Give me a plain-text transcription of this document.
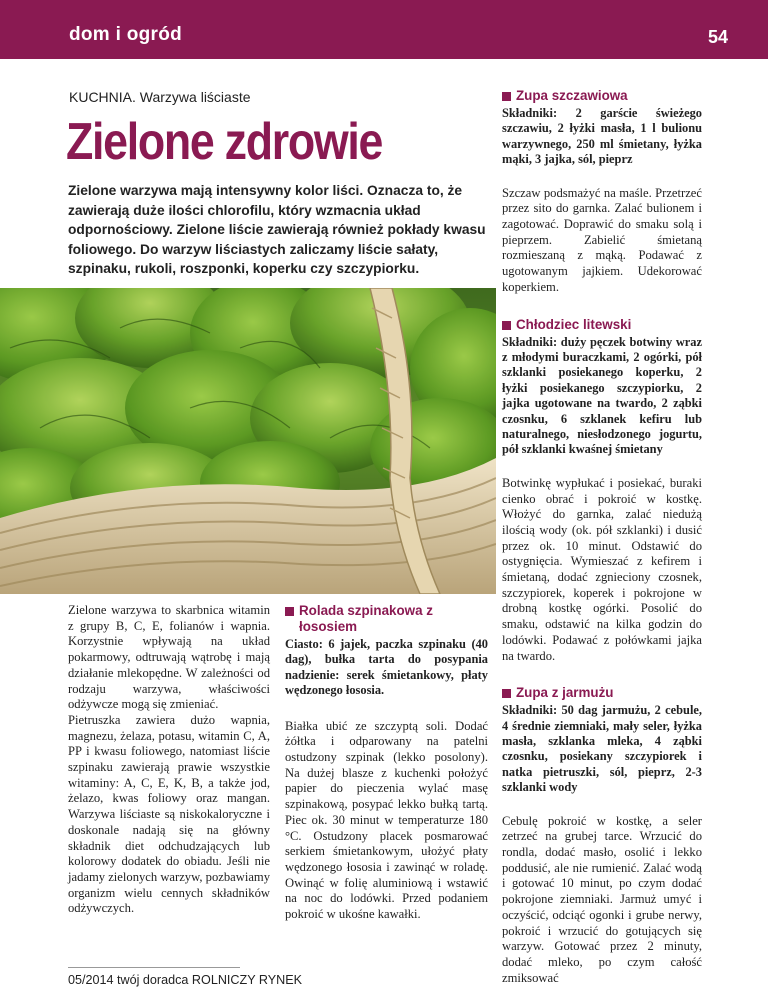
dom i ogród	54
KUCHNIA. Warzywa liściaste
Zielone zdrowie
Zielone warzywa mają intensywny kolor liści. Oznacza to, że zawierają duże ilości chlorofilu, który wzmacnia układ odpornościowy. Zielone liście zawierają również pokłady kwasu foliowego. Do warzyw liściastych zaliczamy liście sałaty, szpinaku, rukoli, roszponki, koperku czy szczypiorku.

Zielone warzywa to skarbnica witamin z grupy B, C, E, folianów i wapnia. Korzystnie wpływają na układ pokarmowy, odtruwają wątrobę i mają działanie mlekopędne. W zależności od rodzaju warzywa, właściwości odżywcze mogą się zmieniać.

Pietruszka zawiera dużo wapnia, magnezu, żelaza, potasu, witamin C, A, PP i kwasu foliowego, natomiast liście szpinaku zawierają prawie wszystkie witaminy: A, C, E, K, B, a także jod, żelazo, kwas foliowy oraz mangan. Warzywa liściaste są niskokaloryczne i doskonale nadają się na główny składnik diet odchudzających lub kolorowy dodatek do obiadu. Jeśli nie jadamy zielonych warzyw, pozbawiamy organizm wielu cennych składników odżywczych.

Rolada szpinakowa z łososiem

Ciasto: 6 jajek, paczka szpinaku (40 dag), bułka tarta do posypania nadzienie: serek śmietankowy, płaty wędzonego łososia.

Białka ubić ze szczyptą soli. Dodać żółtka i odparowany na patelni ostudzony szpinak (lekko posolony). Na dużej blasze z kuchenki położyć papier do pieczenia wylać masę szpinakową, posypać lekko bułką tartą. Piec ok. 30 minut w temperaturze 180 °C. Ostudzony placek posmarować serkiem śmietankowym, ułożyć płaty wędzonego łososia i zawinąć w roladę. Owinąć w folię aluminiową i wstawić na noc do lodówki. Przed podaniem pokroić w ukośne kawałki.

Zupa szczawiowa

Składniki: 2 garście świeżego szczawiu, 2 łyżki masła, 1 l bulionu warzywnego, 250 ml śmietany, łyżka mąki, 3 jajka, sól, pieprz

Szczaw podsmażyć na maśle. Przetrzeć przez sito do garnka. Zalać bulionem i zagotować. Doprawić do smaku solą i pieprzem. Zabielić śmietaną rozmieszaną z mąką. Podawać z ugotowanym jajkiem. Udekorować koperkiem.

Chłodziec litewski

Składniki: duży pęczek botwiny wraz z młodymi buraczkami, 2 ogórki, pół szklanki posiekanego koperku, 2 łyżki posiekanego szczypiorku, 2 jajka ugotowane na twardo, 2 ząbki czosnku, 6 szklanek kefiru lub naturalnego, niesłodzonego jogurtu, pół szklanki kwaśnej śmietany

Botwinkę wypłukać i posiekać, buraki cienko obrać i pokroić w kostkę. Włożyć do garnka, zalać niedużą ilością wody (ok. pół szklanki) i dusić przez ok. 10 minut. Odstawić do ostygnięcia. Wymieszać z kefirem i śmietaną, dodać zgnieciony czosnek, szczypiorek, koperek i pokrojone w drobną kostkę ogórki. Posolić do smaku, odstawić na kilka godzin do lodówki. Podawać z połówkami jajka na twardo.

Zupa z jarmużu

Składniki: 50 dag jarmużu, 2 cebule, 4 średnie ziemniaki, mały seler, łyżka masła, szklanka mleka, 4 ząbki czosnku, posiekany szczypiorek i natka pietruszki, sól, pieprz, 2-3 szklanki wody

Cebulę pokroić w kostkę, a seler zetrzeć na grubej tarce. Wrzucić do rondla, dodać masło, osolić i lekko poddusić, ale nie rumienić. Zalać wodą i gotować 10 minut, po czym dodać pokrojone ziemniaki. Jarmuż umyć i oczyścić, odciąć ogonki i grube nerwy, pokroić i wrzucić do gotujących się warzyw. Gotować przez 2 minuty, dodać mleko, po czym całość zmiksować

05/2014 twój doradca ROLNICZY RYNEK
